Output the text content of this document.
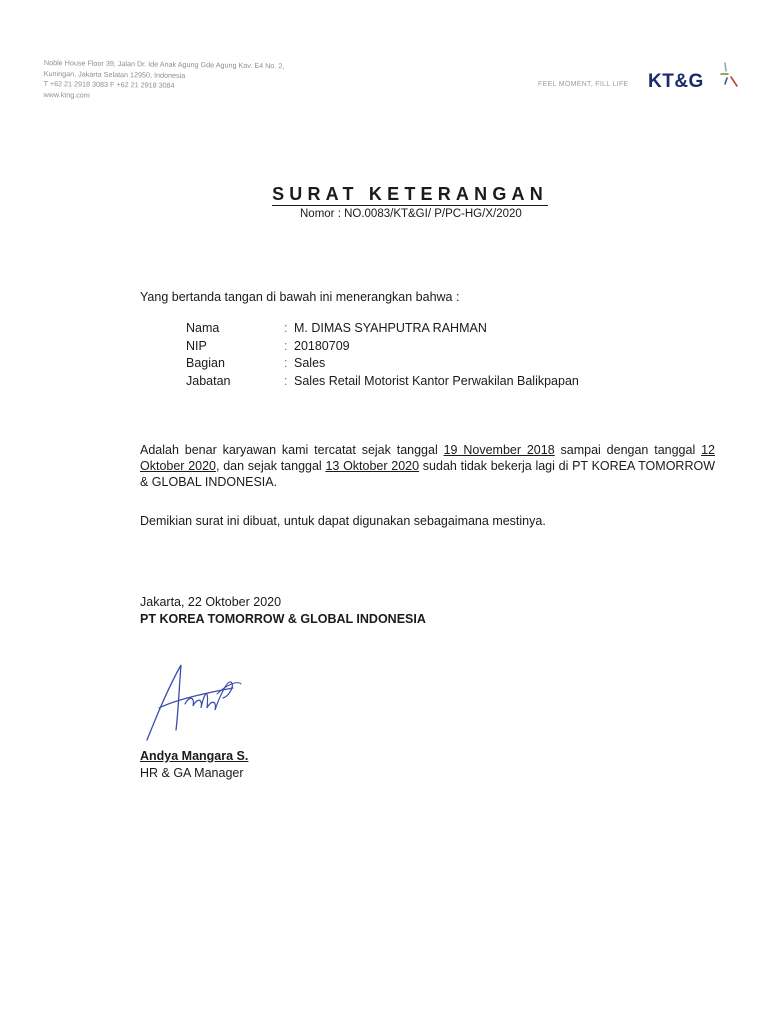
Noble House Floor 39, Jalan Dr. Ide Anak Agung Gde Agung Kav. E4 No. 2,
Kuningan, Jakarta Selatan 12950, Indonesia
T +62 21 2918 3083 F +62 21 2918 3084
www.ktng.com
FEEL MOMENT, FILL LIFE KT&G
SURAT KETERANGAN
Nomor : NO.0083/KT&GI/ P/PC-HG/X/2020
Yang bertanda tangan di bawah ini menerangkan bahwa :
Nama	: M. DIMAS SYAHPUTRA RAHMAN
NIP	: 20180709
Bagian	: Sales
Jabatan	: Sales Retail Motorist Kantor Perwakilan Balikpapan
Adalah benar karyawan kami tercatat sejak tanggal 19 November 2018 sampai dengan tanggal 12 Oktober 2020, dan sejak tanggal 13 Oktober 2020 sudah tidak bekerja lagi di PT KOREA TOMORROW & GLOBAL INDONESIA.
Demikian surat ini dibuat, untuk dapat digunakan sebagaimana mestinya.
Jakarta, 22 Oktober 2020
PT KOREA TOMORROW & GLOBAL INDONESIA
Andya Mangara S.
HR & GA Manager
